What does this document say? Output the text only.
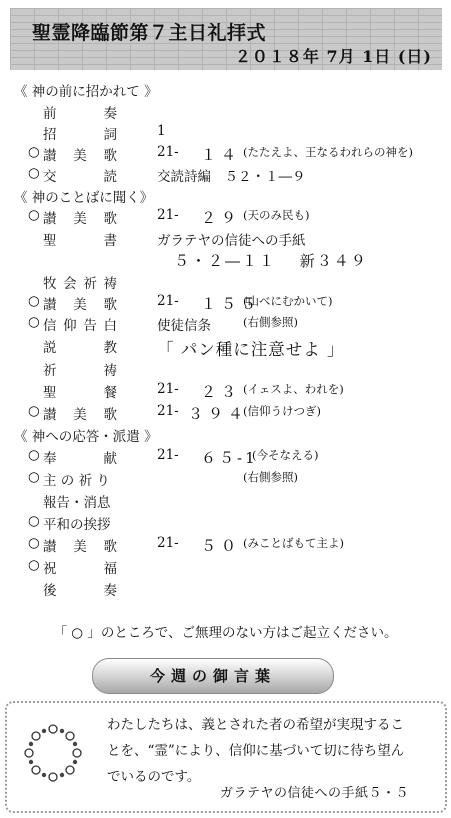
聖霊降臨節第７主日礼拝式
２０１８年 7月 1日 (日)
《 神の前に招かれて 》
前	奏
招	詞	1
○ 讃 美 歌	21- １４ (たたえよ、王なるわれらの神を)
○ 交	読	交読詩編　５２・１―９
《 神のことばに聞く》
○ 讃 美 歌	21- ２９ (天のみ民も)
聖	書	ガラテヤの信徒への手紙
５・２―１１　 新３４９
牧 会 祈 祷
○ 讃 美 歌	21- １５５
(山べにむかいて)
○ 信 仰 告 白	使徒信条	(右側参照)
説	教 「 パン種に注意せよ 」
祈	祷
聖	餐	21- ２３ (イェスよ、われを)
○ 讃 美 歌	21- ３９４
(信仰うけつぎ)
《 神への応答・派遣 》
○ 奉	献	21- ６５-1
(今そなえる)
○ 主 の 祈 り	(右側参照)
報告・消息
○ 平和の挨拶
○ 讃 美 歌	21- ５０ (みことばもて主よ)
○ 祝	福
後	奏
「 ○ 」のところで、ご無理のない方はご起立ください。
今週の御言葉
わたしたちは、義とされた者の希望が実現することを、“霊”により、信仰に基づいて切に待ち望んでいるのです。
ガラテヤの信徒への手紙５・５
